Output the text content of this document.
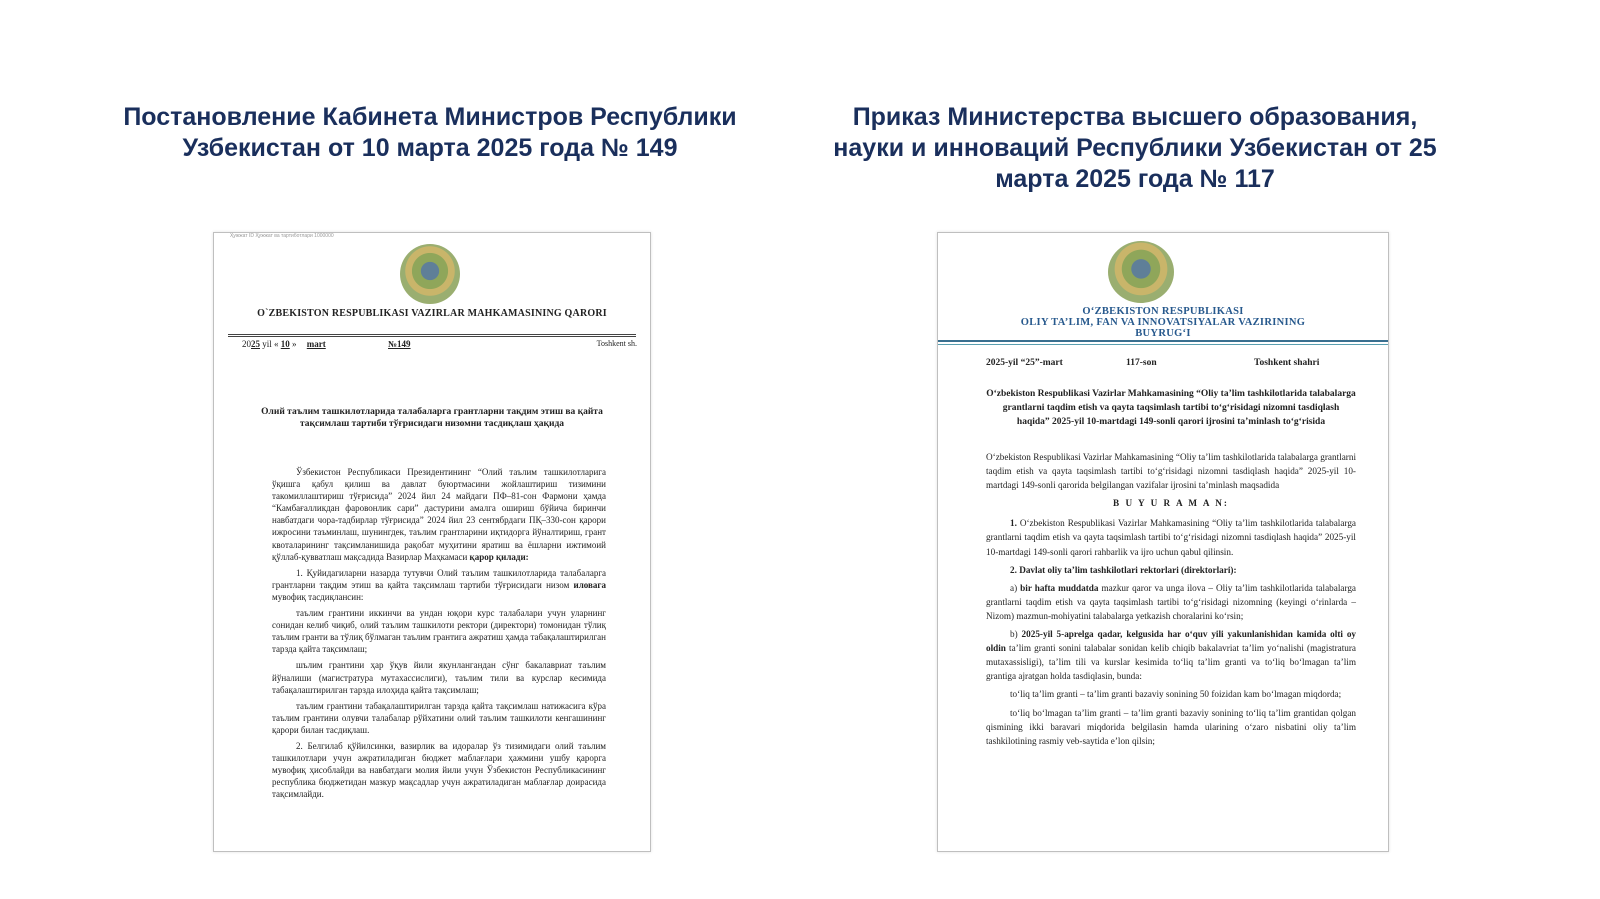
Постановление Кабинета Министров Республики Узбекистан от 10 марта 2025 года № 149
Приказ Министерства высшего образования, науки и инноваций Республики Узбекистан от 25 марта 2025 года № 117
Ҳужжат ID Ҳужжат ва тартиботлари 1000000
O`ZBEKISTON RESPUBLIKASI VAZIRLAR MAHKAMASINING QARORI
2025 yil « 10 » mart	№149	Toshkent sh.
Олий таълим ташкилотларида талабаларга грантларни тақдим этиш ва қайта тақсимлаш тартиби тўғрисидаги низомни тасдиқлаш ҳақида

Ўзбекистон Республикаси Президентининг “Олий таълим ташкилотларига ўқишга қабул қилиш ва давлат буюртмасини жойлаштириш тизимини такомиллаштириш тўғрисида” 2024 йил 24 майдаги ПФ–81-сон Фармони ҳамда “Камбағалликдан фаровонлик сари” дастурини амалга ошириш бўйича биринчи навбатдаги чора-тадбирлар тўғрисида” 2024 йил 23 сентябрдаги ПҚ–330-сон қарори ижросини таъминлаш, шунингдек, таълим грантларини иқтидорга йўналтириш, грант квоталарининг тақсимланишида рақобат муҳитини яратиш ва ёшларни ижтимоий қўллаб-қувватлаш мақсадида Вазирлар Маҳкамаси қарор қилади:

1. Қуйидагиларни назарда тутувчи Олий таълим ташкилотларида талабаларга грантларни тақдим этиш ва қайта тақсимлаш тартиби тўғрисидаги низом иловага мувофиқ тасдиқлансин:

таълим грантини иккинчи ва ундан юқори курс талабалари учун уларнинг сонидан келиб чиқиб, олий таълим ташкилоти ректори (директори) томонидан тўлиқ таълим гранти ва тўлиқ бўлмаган таълим грантига ажратиш ҳамда табақалаштирилган тарзда қайта тақсимлаш;

шълим грантини ҳар ўқув йили якунлангандан сўнг бакалавриат таълим йўналиши (магистратура мутахассислиги), таълим тили ва курслар кесимида табақалаштирилган тарзда илоҳида қайта тақсимлаш;

таълим грантини табақалаштирилган тарзда қайта тақсимлаш натижасига кўра таълим грантини олувчи талабалар рўйхатини олий таълим ташкилоти кенгашининг қарори билан тасдиқлаш.

2. Белгилаб қўйилсинки, вазирлик ва идоралар ўз тизимидаги олий таълим ташкилотлари учун ажратиладиган бюджет маблағлари ҳажмини ушбу қарорга мувофиқ ҳисоблайди ва навбатдаги молия йили учун Ўзбекистон Республикасининг республика бюджетидан мазкур мақсадлар учун ажратиладиган маблағлар доирасида тақсимлайди.

O‘ZBEKISTON RESPUBLIKASI
OLIY TA’LIM, FAN VA INNOVATSIYALAR VAZIRINING
BUYRUG‘I
2025-yil “25”-mart	117-son	Toshkent shahri
O‘zbekiston Respublikasi Vazirlar Mahkamasining “Oliy ta’lim tashkilotlarida talabalarga grantlarni taqdim etish va qayta taqsimlash tartibi to‘g‘risidagi nizomni tasdiqlash haqida” 2025-yil 10-martdagi 149-sonli qarori ijrosini ta’minlash to‘g‘risida

O‘zbekiston Respublikasi Vazirlar Mahkamasining “Oliy ta’lim tashkilotlarida talabalarga grantlarni taqdim etish va qayta taqsimlash tartibi to‘g‘risidagi nizomni tasdiqlash haqida” 2025-yil 10-martdagi 149-sonli qarorida belgilangan vazifalar ijrosini ta’minlash maqsadida

B U Y U R A M A N:

1. O‘zbekiston Respublikasi Vazirlar Mahkamasining “Oliy ta’lim tashkilotlarida talabalarga grantlarni taqdim etish va qayta taqsimlash tartibi to‘g‘risidagi nizomni tasdiqlash haqida” 2025-yil 10-martdagi 149-sonli qarori rahbarlik va ijro uchun qabul qilinsin.

2. Davlat oliy ta’lim tashkilotlari rektorlari (direktorlari):

a) bir hafta muddatda mazkur qaror va unga ilova – Oliy ta’lim tashkilotlarida talabalarga grantlarni taqdim etish va qayta taqsimlash tartibi to‘g‘risidagi nizomning (keyingi o‘rinlarda – Nizom) mazmun-mohiyatini talabalarga yetkazish choralarini ko‘rsin;

b) 2025-yil 5-aprelga qadar, kelgusida har o‘quv yili yakunlanishidan kamida olti oy oldin ta’lim granti sonini talabalar sonidan kelib chiqib bakalavriat ta’lim yo‘nalishi (magistratura mutaxassisligi), ta’lim tili va kurslar kesimida to‘liq ta’lim granti va to‘liq bo‘lmagan ta’lim grantiga ajratgan holda tasdiqlasin, bunda:

to‘liq ta’lim granti – ta’lim granti bazaviy sonining 50 foizidan kam bo‘lmagan miqdorda;

to‘liq bo‘lmagan ta’lim granti – ta’lim granti bazaviy sonining to‘liq ta’lim grantidan qolgan qismining ikki baravari miqdorida belgilasin hamda ularining o‘zaro nisbatini oliy ta’lim tashkilotining rasmiy veb-saytida e’lon qilsin;
